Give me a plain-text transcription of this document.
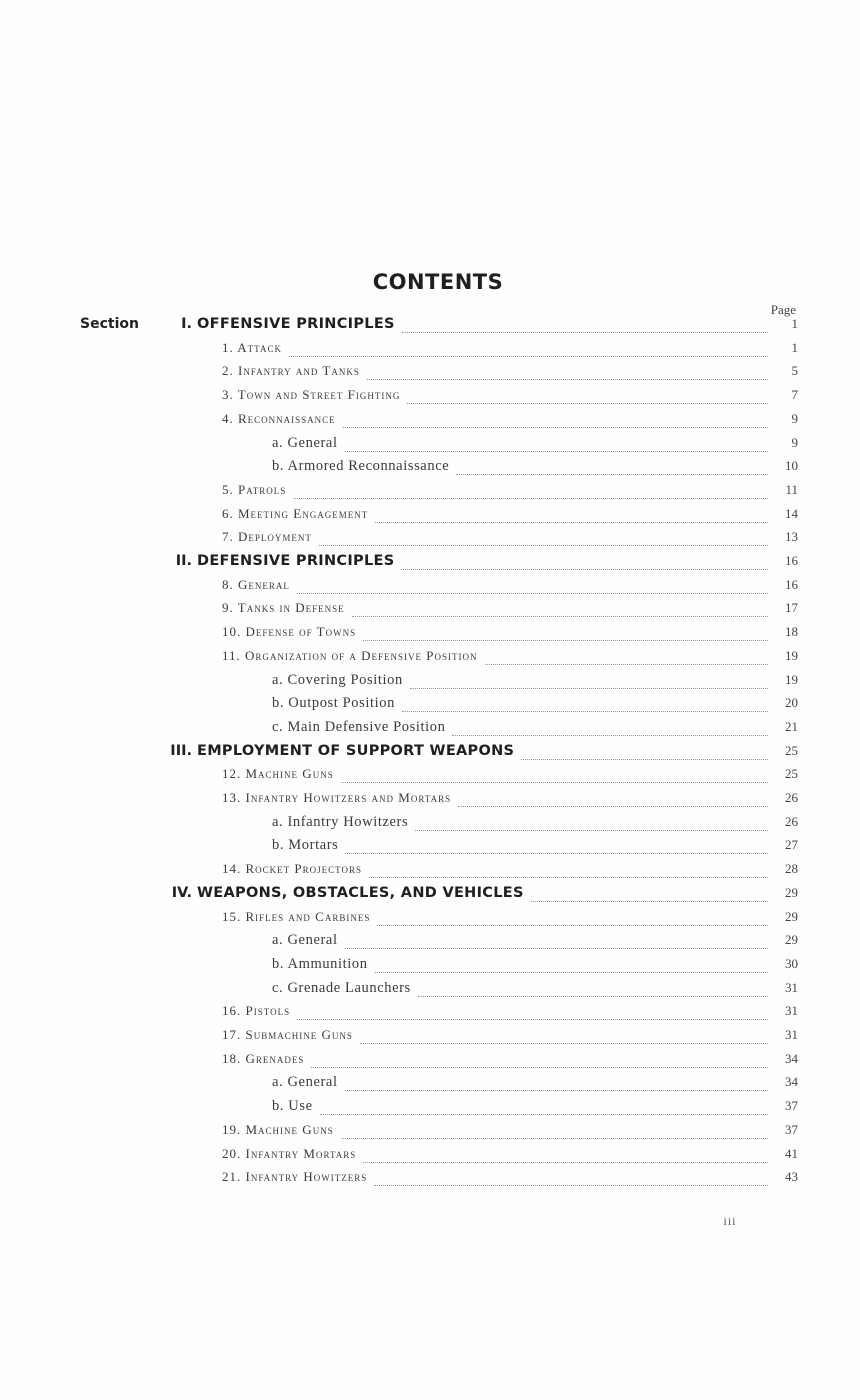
CONTENTS
Page
Section	I. OFFENSIVE PRINCIPLES	1
1. Attack	1
2. Infantry and Tanks	5
3. Town and Street Fighting	7
4. Reconnaissance	9
a. General	9
b. Armored Reconnaissance	10
5. Patrols	11
6. Meeting Engagement	14
7. Deployment	13
II. DEFENSIVE PRINCIPLES	16
8. General	16
9. Tanks in Defense	17
10. Defense of Towns	18
11. Organization of a Defensive Position	19
a. Covering Position	19
b. Outpost Position	20
c. Main Defensive Position	21
III. EMPLOYMENT OF SUPPORT WEAPONS	25
12. Machine Guns	25
13. Infantry Howitzers and Mortars	26
a. Infantry Howitzers	26
b. Mortars	27
14. Rocket Projectors	28
IV. WEAPONS, OBSTACLES, AND VEHICLES	29
15. Rifles and Carbines	29
a. General	29
b. Ammunition	30
c. Grenade Launchers	31
16. Pistols	31
17. Submachine Guns	31
18. Grenades	34
a. General	34
b. Use	37
19. Machine Guns	37
20. Infantry Mortars	41
21. Infantry Howitzers	43
iii
